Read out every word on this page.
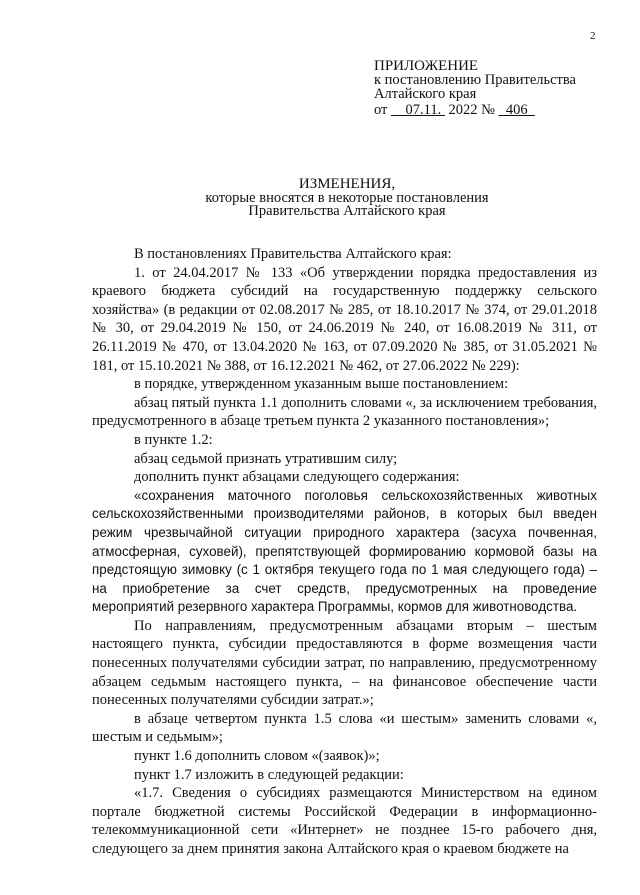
2
ПРИЛОЖЕНИЕ
к постановлению Правительства
Алтайского края
от     07.11.  2022 №   406
ИЗМЕНЕНИЯ,
которые вносятся в некоторые постановления
Правительства Алтайского края

В постановлениях Правительства Алтайского края:

1. от 24.04.2017 № 133 «Об утверждении порядка предоставления из краевого бюджета субсидий на государственную поддержку сельского хозяйства» (в редакции от 02.08.2017 № 285, от 18.10.2017 № 374, от 29.01.2018 № 30, от 29.04.2019 № 150, от 24.06.2019 № 240, от 16.08.2019 № 311, от 26.11.2019 № 470, от 13.04.2020 № 163, от 07.09.2020 № 385, от 31.05.2021 № 181, от 15.10.2021 № 388, от 16.12.2021 № 462, от 27.06.2022 № 229):

в порядке, утвержденном указанным выше постановлением:

абзац пятый пункта 1.1 дополнить словами «, за исключением требования, предусмотренного в абзаце третьем пункта 2 указанного постановления»;

в пункте 1.2:

абзац седьмой признать утратившим силу;

дополнить пункт абзацами следующего содержания:

«сохранения маточного поголовья сельскохозяйственных животных сельскохозяйственными производителями районов, в которых был введен режим чрезвычайной ситуации природного характера (засуха почвенная, атмосферная, суховей), препятствующей формированию кормовой базы на предстоящую зимовку (с 1 октября текущего года по 1 мая следующего года) – на приобретение за счет средств, предусмотренных на проведение мероприятий резервного характера Программы, кормов для животноводства.

По направлениям, предусмотренным абзацами вторым – шестым настоящего пункта, субсидии предоставляются в форме возмещения части понесенных получателями субсидии затрат, по направлению, предусмотренному абзацем седьмым настоящего пункта, – на финансовое обеспечение части понесенных получателями субсидии затрат.»;

в абзаце четвертом пункта 1.5 слова «и шестым» заменить словами «, шестым и седьмым»;

пункт 1.6 дополнить словом «(заявок)»;

пункт 1.7 изложить в следующей редакции:

«1.7. Сведения о субсидиях размещаются Министерством на едином портале бюджетной системы Российской Федерации в информационно-телекоммуникационной сети «Интернет» не позднее 15-го рабочего дня, следующего за днем принятия закона Алтайского края о краевом бюджете на
